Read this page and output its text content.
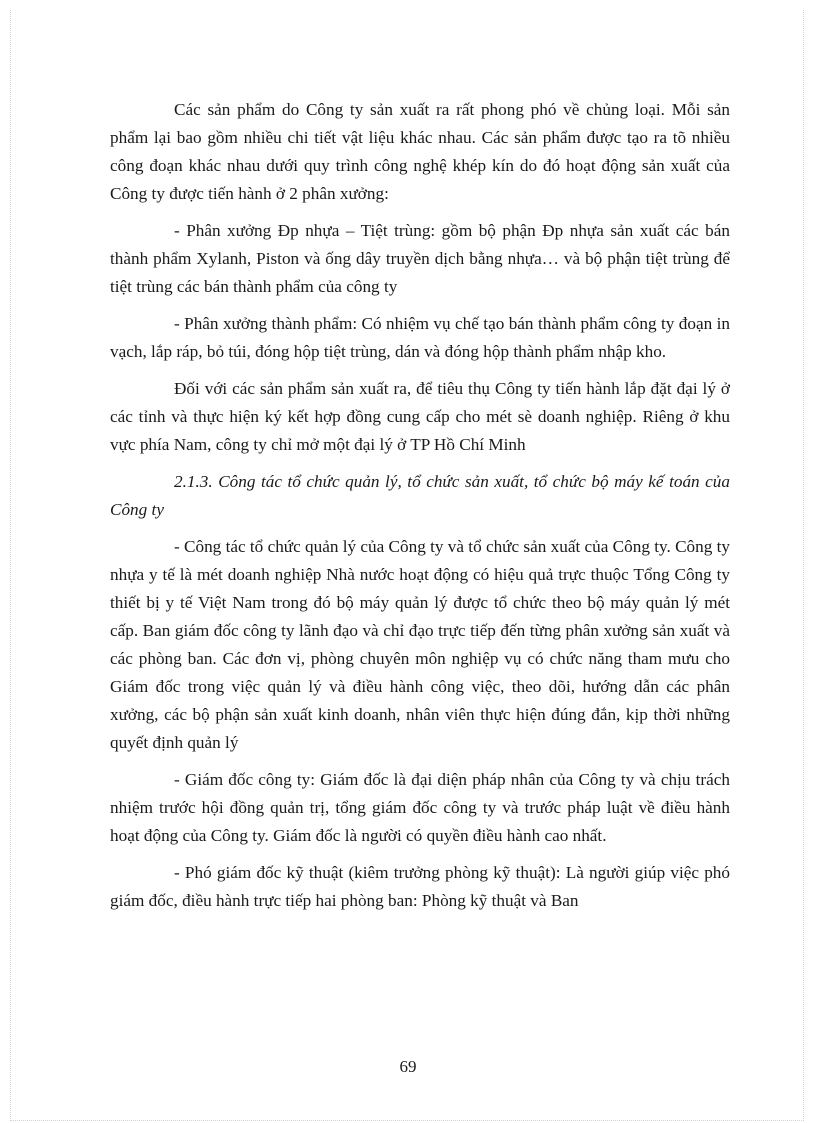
Các sản phẩm do Công ty sản xuất ra rất phong phó về chủng loại. Mỗi sản phẩm lại bao gồm nhiều chi tiết vật liệu khác nhau. Các sản phẩm được tạo ra tõ nhiều công đoạn khác nhau dưới quy trình công nghệ khép kín do đó hoạt động sản xuất của Công ty được tiến hành ở 2 phân xưởng:

- Phân xưởng Đp nhựa – Tiệt trùng: gồm bộ phận Đp nhựa sản xuất các bán thành phẩm Xylanh, Piston và ống dây truyền dịch bằng nhựa… và bộ phận tiệt trùng để tiệt trùng các bán thành phẩm của công ty

- Phân xưởng thành phẩm: Có nhiệm vụ chế tạo bán thành phẩm công ty đoạn in vạch, lắp ráp, bỏ túi, đóng hộp tiệt trùng, dán và đóng hộp thành phẩm nhập kho.

Đối với các sản phẩm sản xuất ra, để tiêu thụ Công ty tiến hành lắp đặt đại lý ở các tỉnh và thực hiện ký kết hợp đồng cung cấp cho mét sè doanh nghiệp. Riêng ở khu vực phía Nam, công ty chỉ mở một đại lý ở TP Hồ Chí Minh

2.1.3. Công tác tổ chức quản lý, tổ chức sản xuất, tổ chức bộ máy kế toán của Công ty

- Công tác tổ chức quản lý của Công ty và tổ chức sản xuất của Công ty. Công ty nhựa y tế là mét doanh nghiệp Nhà nước hoạt động có hiệu quả trực thuộc Tổng Công ty thiết bị y tế Việt Nam trong đó bộ máy quản lý được tổ chức theo bộ máy quản lý mét cấp. Ban giám đốc công ty lãnh đạo và chỉ đạo trực tiếp đến từng phân xưởng sản xuất và các phòng ban. Các đơn vị, phòng chuyên môn nghiệp vụ có chức năng tham mưu cho Giám đốc trong việc quản lý và điều hành công việc, theo dõi, hướng dẫn các phân xưởng, các bộ phận sản xuất kinh doanh, nhân viên thực hiện đúng đắn, kịp thời những quyết định quản lý

- Giám đốc công ty: Giám đốc là đại diện pháp nhân của Công ty và chịu trách nhiệm trước hội đồng quản trị, tổng giám đốc công ty và trước pháp luật về điều hành hoạt động của Công ty. Giám đốc là người có quyền điều hành cao nhất.

- Phó giám đốc kỹ thuật (kiêm trưởng phòng kỹ thuật): Là người giúp việc phó giám đốc, điều hành trực tiếp hai phòng ban: Phòng kỹ thuật và Ban

69
